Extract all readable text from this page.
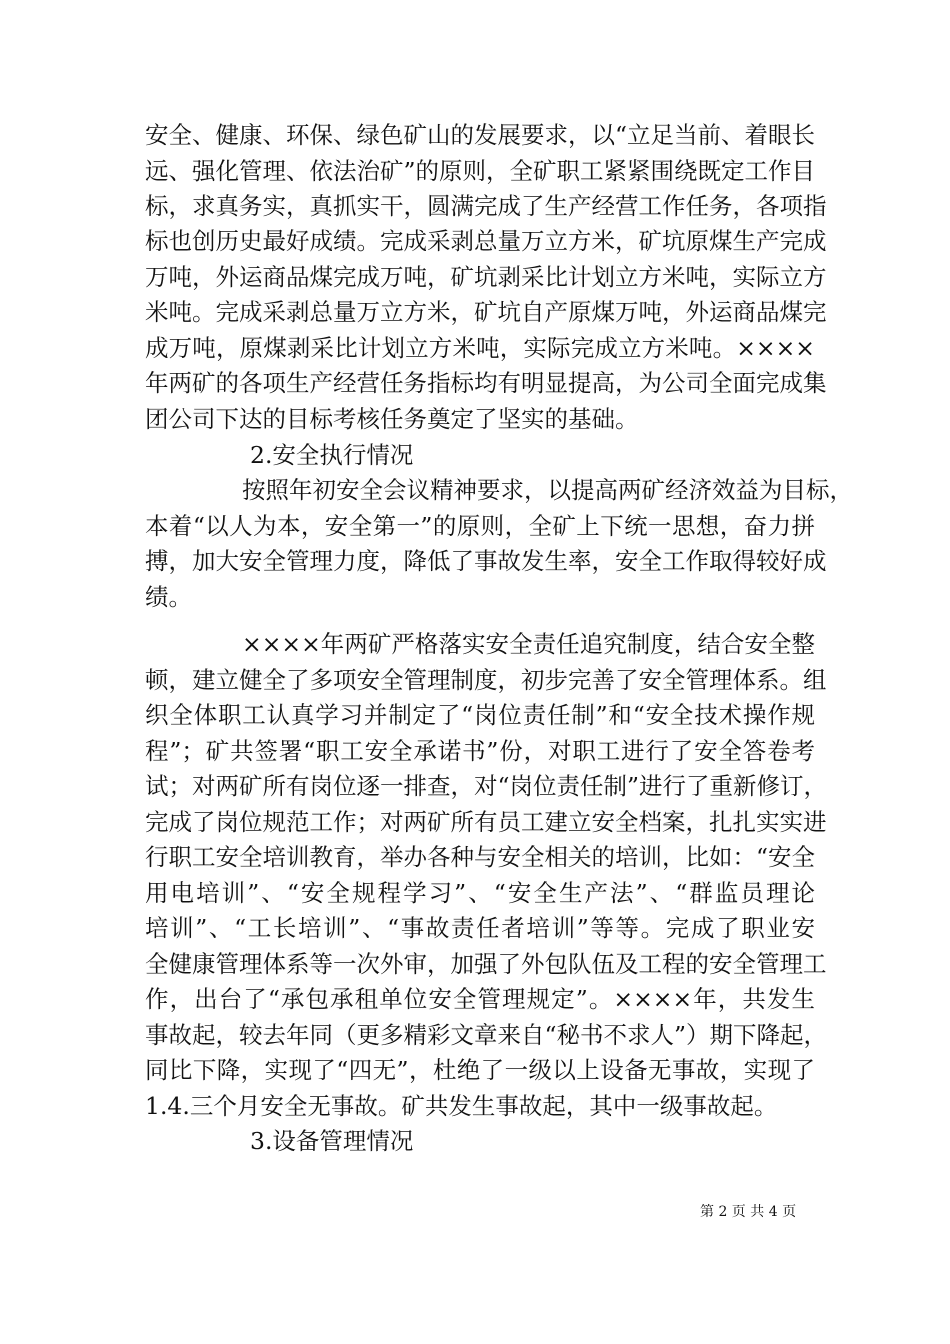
安全、健康、环保、绿色矿山的发展要求，以“立足当前、着眼长
远、强化管理、依法治矿”的原则，全矿职工紧紧围绕既定工作目
标，求真务实，真抓实干，圆满完成了生产经营工作任务，各项指
标也创历史最好成绩。完成采剥总量万立方米，矿坑原煤生产完成
万吨，外运商品煤完成万吨，矿坑剥采比计划立方米吨，实际立方
米吨。完成采剥总量万立方米，矿坑自产原煤万吨，外运商品煤完
成万吨，原煤剥采比计划立方米吨，实际完成立方米吨。××××
年两矿的各项生产经营任务指标均有明显提高，为公司全面完成集
团公司下达的目标考核任务奠定了坚实的基础。
2.安全执行情况
按照年初安全会议精神要求，以提高两矿经济效益为目标，
本着“以人为本，安全第一”的原则，全矿上下统一思想，奋力拼
搏，加大安全管理力度，降低了事故发生率，安全工作取得较好成
绩。
××××年两矿严格落实安全责任追究制度，结合安全整
顿，建立健全了多项安全管理制度，初步完善了安全管理体系。组
织全体职工认真学习并制定了“岗位责任制”和“安全技术操作规
程”；矿共签署“职工安全承诺书”份，对职工进行了安全答卷考
试；对两矿所有岗位逐一排查，对“岗位责任制”进行了重新修订，
完成了岗位规范工作；对两矿所有员工建立安全档案，扎扎实实进
行职工安全培训教育，举办各种与安全相关的培训，比如：“安全
用电培训”、“安全规程学习”、“安全生产法”、“群监员理论
培训”、“工长培训”、“事故责任者培训”等等。完成了职业安
全健康管理体系等一次外审，加强了外包队伍及工程的安全管理工
作，出台了“承包承租单位安全管理规定”。××××年，共发生
事故起，较去年同（更多精彩文章来自“秘书不求人”）期下降起，
同比下降，实现了“四无”，杜绝了一级以上设备无事故，实现了
1.4.三个月安全无事故。矿共发生事故起，其中一级事故起。
3.设备管理情况
第 2 页 共 4 页
